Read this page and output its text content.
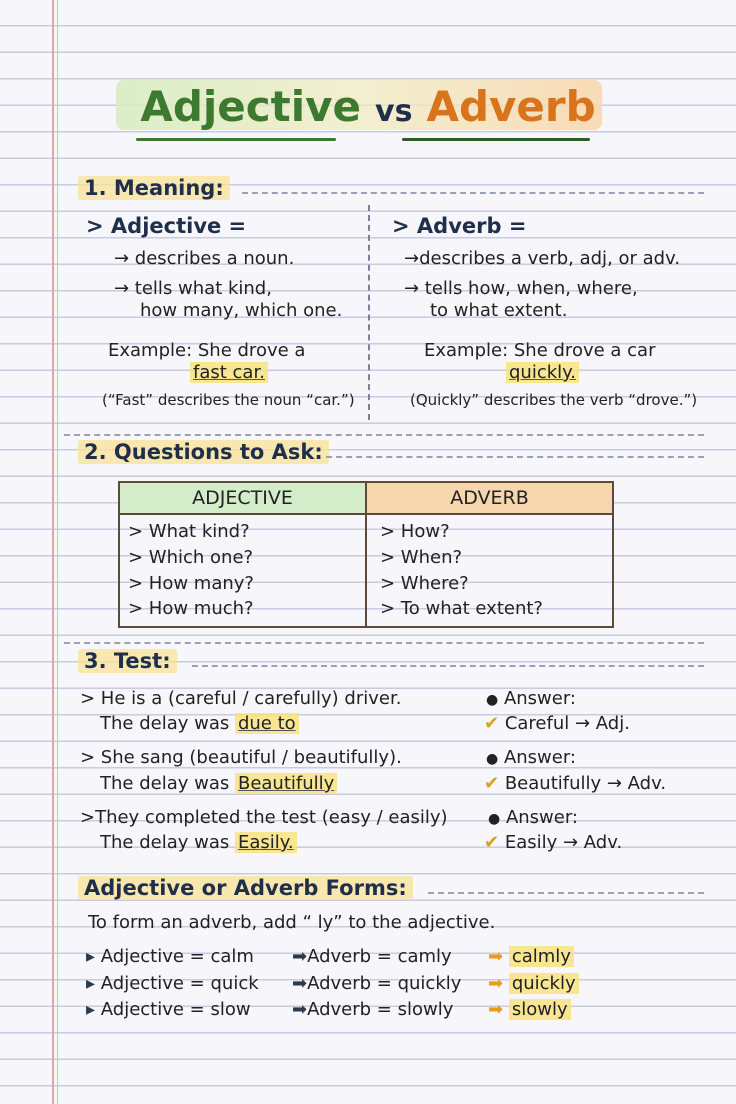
Adjective vs Adverb
1. Meaning:
> Adjective =
→ describes a noun.
→ tells what kind,
how many, which one.
Example: She drove a
fast car.
(“Fast” describes the noun “car.”)
> Adverb =
→describes a verb, adj, or adv.
→ tells how, when, where,
to what extent.
Example: She drove a car
quickly.
(Quickly” describes the verb “drove.”)
2. Questions to Ask:
ADJECTIVE	ADVERB
> What kind?
> Which one?
> How many?
> How much?
> How?
> When?
> Where?
> To what extent?
3. Test:
> He is a (careful / carefully) driver.
The delay was due to
● Answer:
✔ Careful → Adj.
> She sang (beautiful / beautifully).
The delay was Beautifully
● Answer:
✔ Beautifully → Adv.
>They completed the test (easy / easily)
The delay was Easily.
● Answer:
✔ Easily → Adv.
Adjective or Adverb Forms:
To form an adverb, add “ ly” to the adjective.
▸ Adjective = calm ➡Adverb = camly ➡ calmly
▸ Adjective = quick ➡Adverb = quickly ➡ quickly
▸ Adjective = slow ➡Adverb = slowly ➡ slowly
